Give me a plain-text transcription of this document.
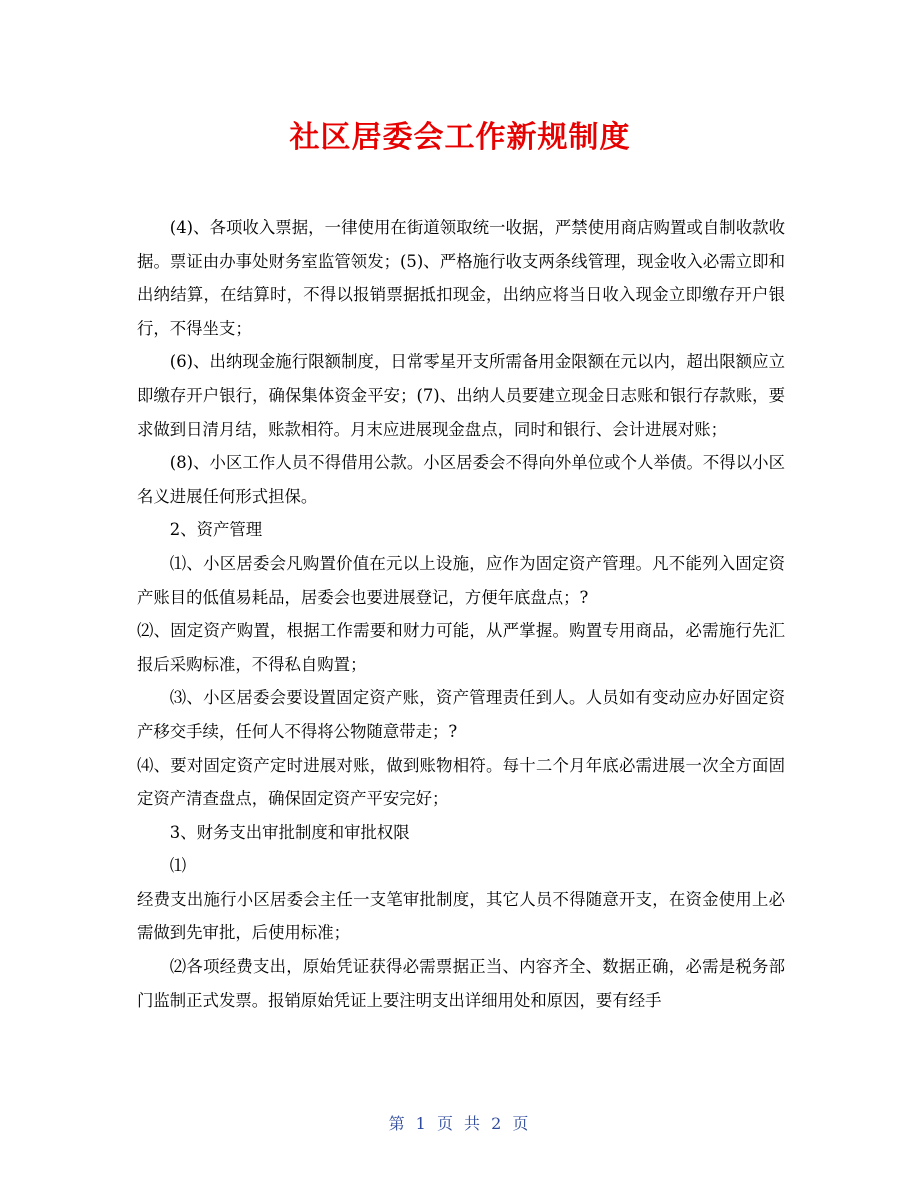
社区居委会工作新规制度

(4)、各项收入票据，一律使用在街道领取统一收据，严禁使用商店购置或自制收款收据。票证由办事处财务室监管领发；(5)、严格施行收支两条线管理，现金收入必需立即和出纳结算，在结算时，不得以报销票据抵扣现金，出纳应将当日收入现金立即缴存开户银行，不得坐支；

(6)、出纳现金施行限额制度，日常零星开支所需备用金限额在元以内，超出限额应立即缴存开户银行，确保集体资金平安；(7)、出纳人员要建立现金日志账和银行存款账，要求做到日清月结，账款相符。月末应进展现金盘点，同时和银行、会计进展对账；

(8)、小区工作人员不得借用公款。小区居委会不得向外单位或个人举债。不得以小区名义进展任何形式担保。

2、资产管理

⑴、小区居委会凡购置价值在元以上设施，应作为固定资产管理。凡不能列入固定资产账目的低值易耗品，居委会也要进展登记，方便年底盘点；?

⑵、固定资产购置，根据工作需要和财力可能，从严掌握。购置专用商品，必需施行先汇报后采购标准，不得私自购置；

⑶、小区居委会要设置固定资产账，资产管理责任到人。人员如有变动应办好固定资产移交手续，任何人不得将公物随意带走；?

⑷、要对固定资产定时进展对账，做到账物相符。每十二个月年底必需进展一次全方面固定资产清查盘点，确保固定资产平安完好；

3、财务支出审批制度和审批权限

⑴

经费支出施行小区居委会主任一支笔审批制度，其它人员不得随意开支，在资金使用上必需做到先审批，后使用标准；

⑵各项经费支出，原始凭证获得必需票据正当、内容齐全、数据正确，必需是税务部门监制正式发票。报销原始凭证上要注明支出详细用处和原因，要有经手

第 1 页 共 2 页
